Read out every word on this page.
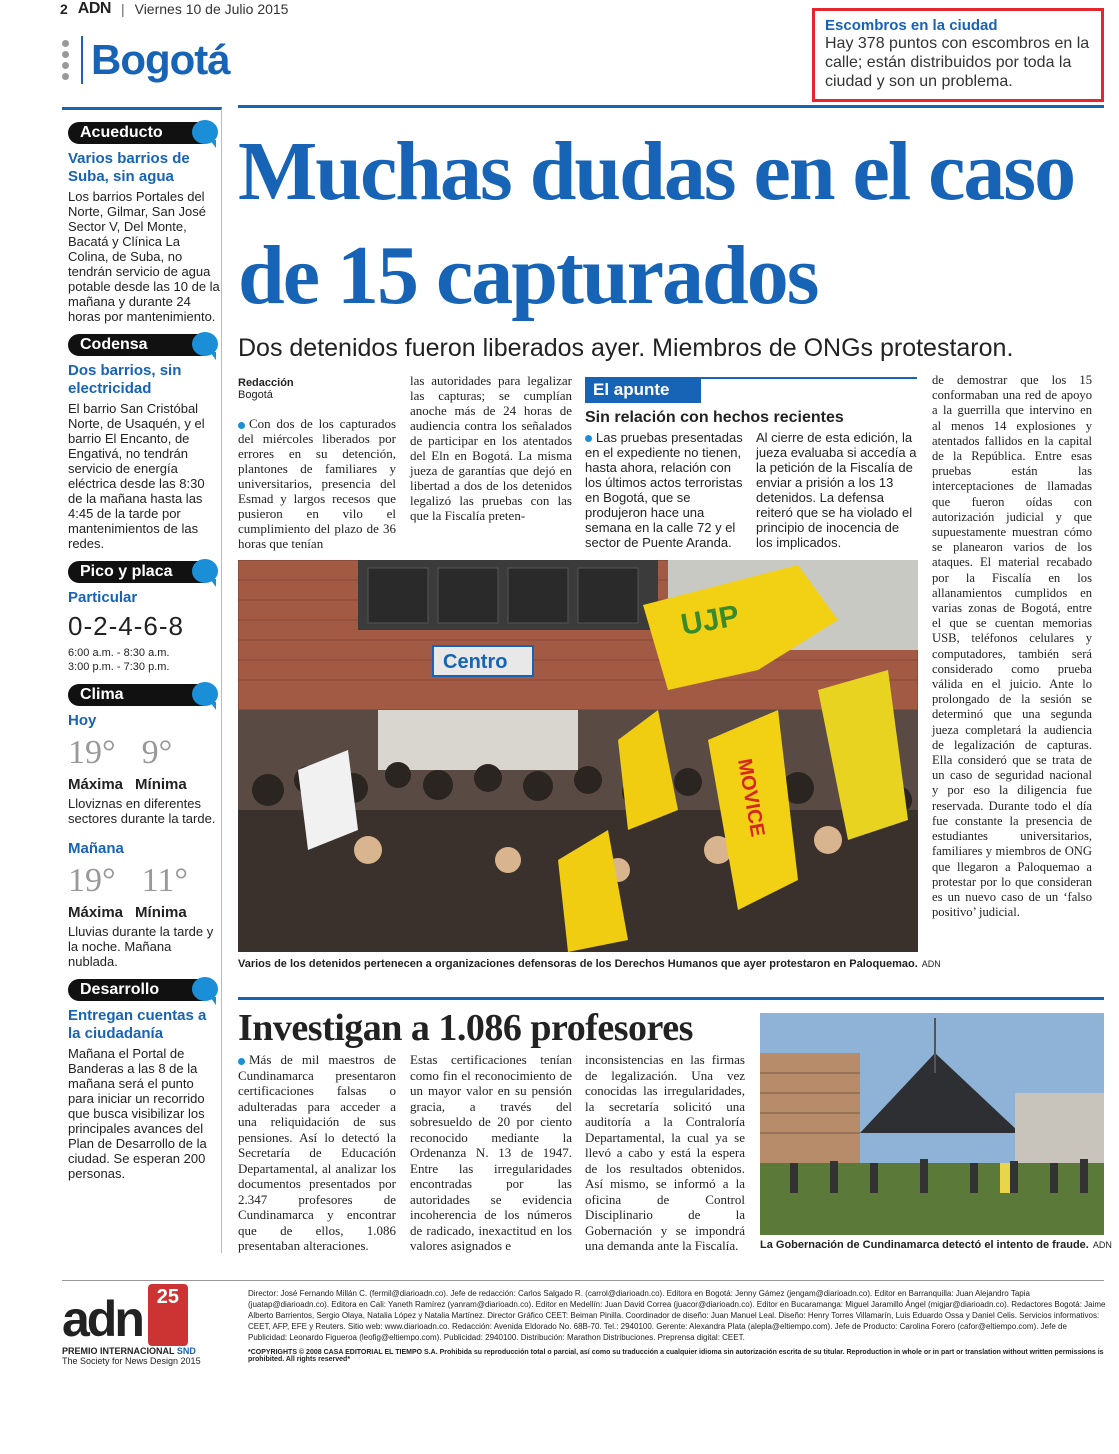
2 ADN | Viernes 10 de Julio 2015
Bogotá
Escombros en la ciudad
Hay 378 puntos con escombros en la calle; están distribuidos por toda la ciudad y son un problema.
Acueducto
Varios barrios de Suba, sin agua
Los barrios Portales del Norte, Gilmar, San José Sector V, Del Monte, Bacatá y Clínica La Colina, de Suba, no tendrán servicio de agua potable desde las 10 de la mañana y durante 24 horas por mantenimiento.
Codensa
Dos barrios, sin electricidad
El barrio San Cristóbal Norte, de Usaquén, y el barrio El Encanto, de Engativá, no tendrán servicio de energía eléctrica desde las 8:30 de la mañana hasta las 4:45 de la tarde por mantenimientos de las redes.
Pico y placa
Particular
0-2-4-6-8
6:00 a.m. - 8:30 a.m.
3:00 p.m. - 7:30 p.m.
Clima
Hoy
19° 9°
Máxima Mínima
Lloviznas en diferentes sectores durante la tarde.
Mañana
19° 11°
Máxima Mínima
Lluvias durante la tarde y la noche. Mañana nublada.
Desarrollo
Entregan cuentas a la ciudadanía
Mañana el Portal de Banderas a las 8 de la mañana será el punto para iniciar un recorrido que busca visibilizar los principales avances del Plan de Desarrollo de la ciudad. Se esperan 200 personas.
Muchas dudas en el caso de 15 capturados
Dos detenidos fueron liberados ayer. Miembros de ONGs protestaron.
Redacción
Bogotá
Con dos de los capturados del miércoles liberados por errores en su detención, plantones de familiares y universitarios, presencia del Esmad y largos recesos que pusieron en vilo el cumplimiento del plazo de 36 horas que tenían
las autoridades para legalizar las capturas; se cumplían anoche más de 24 horas de audiencia contra los señalados de participar en los atentados del Eln en Bogotá. La misma jueza de garantías que dejó en libertad a dos de los detenidos legalizó las pruebas con las que la Fiscalía preten-
El apunte
Sin relación con hechos recientes
Las pruebas presentadas en el expediente no tienen, hasta ahora, relación con los últimos actos terroristas en Bogotá, que se produjeron hace una semana en la calle 72 y el sector de Puente Aranda.
Al cierre de esta edición, la jueza evaluaba si accedía a la petición de la Fiscalía de enviar a prisión a los 13 detenidos. La defensa reiteró que se ha violado el principio de inocencia de los implicados.
de demostrar que los 15 conformaban una red de apoyo a la guerrilla que intervino en al menos 14 explosiones y atentados fallidos en la capital de la República. Entre esas pruebas están las interceptaciones de llamadas que fueron oídas con autorización judicial y que supuestamente muestran cómo se planearon varios de los ataques. El material recabado por la Fiscalía en los allanamientos cumplidos en varias zonas de Bogotá, entre el que se cuentan memorias USB, teléfonos celulares y computadores, también será considerado como prueba válida en el juicio. Ante lo prolongado de la sesión se determinó que una segunda jueza completará la audiencia de legalización de capturas. Ella consideró que se trata de un caso de seguridad nacional y por eso la diligencia fue reservada. Durante todo el día fue constante la presencia de estudiantes universitarios, familiares y miembros de ONG que llegaron a Paloquemao a protestar por lo que consideran es un nuevo caso de un ‘falso positivo’ judicial.
Centro
UJP
MOVICE
Varios de los detenidos pertenecen a organizaciones defensoras de los Derechos Humanos que ayer protestaron en Paloquemao. ADN
Investigan a 1.086 profesores
Más de mil maestros de Cundinamarca presentaron certificaciones falsas o adulteradas para acceder a una reliquidación de sus pensiones. Así lo detectó la Secretaría de Educación Departamental, al analizar los documentos presentados por 2.347 profesores de Cundinamarca y encontrar que de ellos, 1.086 presentaban alteraciones.
Estas certificaciones tenían como fin el reconocimiento de un mayor valor en su pensión gracia, a través del sobresueldo de 20 por ciento reconocido mediante la Ordenanza N. 13 de 1947. Entre las irregularidades encontradas por las autoridades se evidencia incoherencia de los números de radicado, inexactitud en los valores asignados e
inconsistencias en las firmas de legalización. Una vez conocidas las irregularidades, la secretaría solicitó una auditoría a la Contraloría Departamental, la cual ya se llevó a cabo y está la espera de los resultados obtenidos. Así mismo, se informó a la oficina de Control Disciplinario de la Gobernación y se impondrá una demanda ante la Fiscalía.	La Gobernación de Cundinamarca detectó el intento de fraude. ADN
adn 25
PREMIO INTERNACIONAL SND
The Society for News Design 2015
Director: José Fernando Millán C. (fermil@diarioadn.co). Jefe de redacción: Carlos Salgado R. (carrol@diarioadn.co). Editora en Bogotá: Jenny Gámez (jengam@diarioadn.co). Editor en Barranquilla: Juan Alejandro Tapia (juatap@diarioadn.co). Editora en Cali: Yaneth Ramírez (yanram@diarioadn.co). Editor en Medellín: Juan David Correa (juacor@diarioadn.co). Editor en Bucaramanga: Miguel Jaramillo Ángel (migjar@diarioadn.co). Redactores Bogotá: Jaime Alberto Barrientos, Sergio Olaya, Natalia López y Natalia Martínez. Director Gráfico CEET: Beiman Pinilla. Coordinador de diseño: Juan Manuel Leal. Diseño: Henry Torres Villamarín, Luis Eduardo Ossa y Daniel Celis. Servicios informativos: CEET, AFP, EFE y Reuters. Sitio web: www.diarioadn.co. Redacción: Avenida Eldorado No. 68B-70. Tel.: 2940100. Gerente: Alexandra Plata (alepla@eltiempo.com). Jefe de Producto: Carolina Forero (cafor@eltiempo.com). Jefe de Publicidad: Leonardo Figueroa (leofig@eltiempo.com). Publicidad: 2940100. Distribución: Marathon Distribuciones. Preprensa digital: CEET.
*COPYRIGHTS © 2008 CASA EDITORIAL EL TIEMPO S.A. Prohibida su reproducción total o parcial, así como su traducción a cualquier idioma sin autorización escrita de su titular. Reproduction in whole or in part or translation without written permissions is prohibited. All rights reserved*
